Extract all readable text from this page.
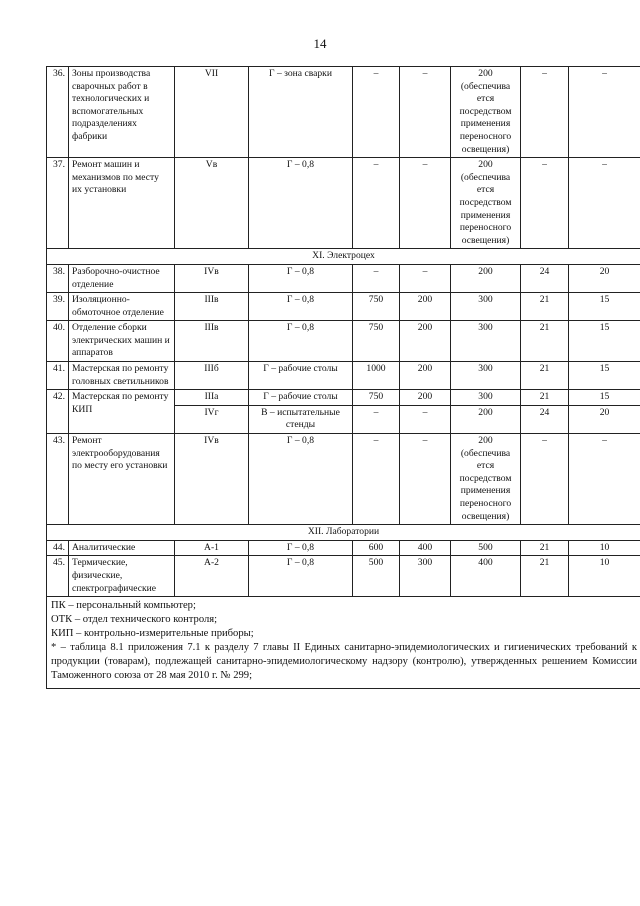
14
36.	Зоны производства сварочных работ в технологических и вспомогательных подразделениях фабрики	VII	Г – зона сварки	–	–	200 (обеспечива ется посредством применения переносного освещения)	–	–
37.	Ремонт машин и механизмов по месту их установки	Vв	Г – 0,8	–	–	200 (обеспечива ется посредством применения переносного освещения)	–	–
XI. Электроцех								
38.	Разборочно-очистное отделение	IVв	Г – 0,8	–	–	200	24	20
39.	Изоляционно-обмоточное отделение	IIIв	Г – 0,8	750	200	300	21	15
40.	Отделение сборки электрических машин и аппаратов	IIIв	Г – 0,8	750	200	300	21	15
41.	Мастерская по ремонту головных светильников	IIIб	Г – рабочие столы	1000	200	300	21	15
42.	Мастерская по ремонту КИП	IIIа	Г – рабочие столы	750	200	300	21	15
		IVг	В – испытательные стенды	–	–	200	24	20
43.	Ремонт электрооборудования по месту его установки	IVв	Г – 0,8	–	–	200 (обеспечива ется посредством применения переносного освещения)	–	–
XII. Лаборатории								
44.	Аналитические	А-1	Г – 0,8	600	400	500	21	10
45.	Термические, физические, спектрографические	А-2	Г – 0,8	500	300	400	21	10

ПК – персональный компьютер;
ОТК – отдел технического контроля;
КИП – контрольно-измерительные приборы;
* – таблица 8.1 приложения 7.1 к разделу 7 главы II Единых санитарно-эпидемиологических и гигиенических требований к продукции (товарам), подлежащей санитарно-эпидемиологическому надзору (контролю), утвержденных решением Комиссии Таможенного союза от 28 мая 2010 г. № 299;								
